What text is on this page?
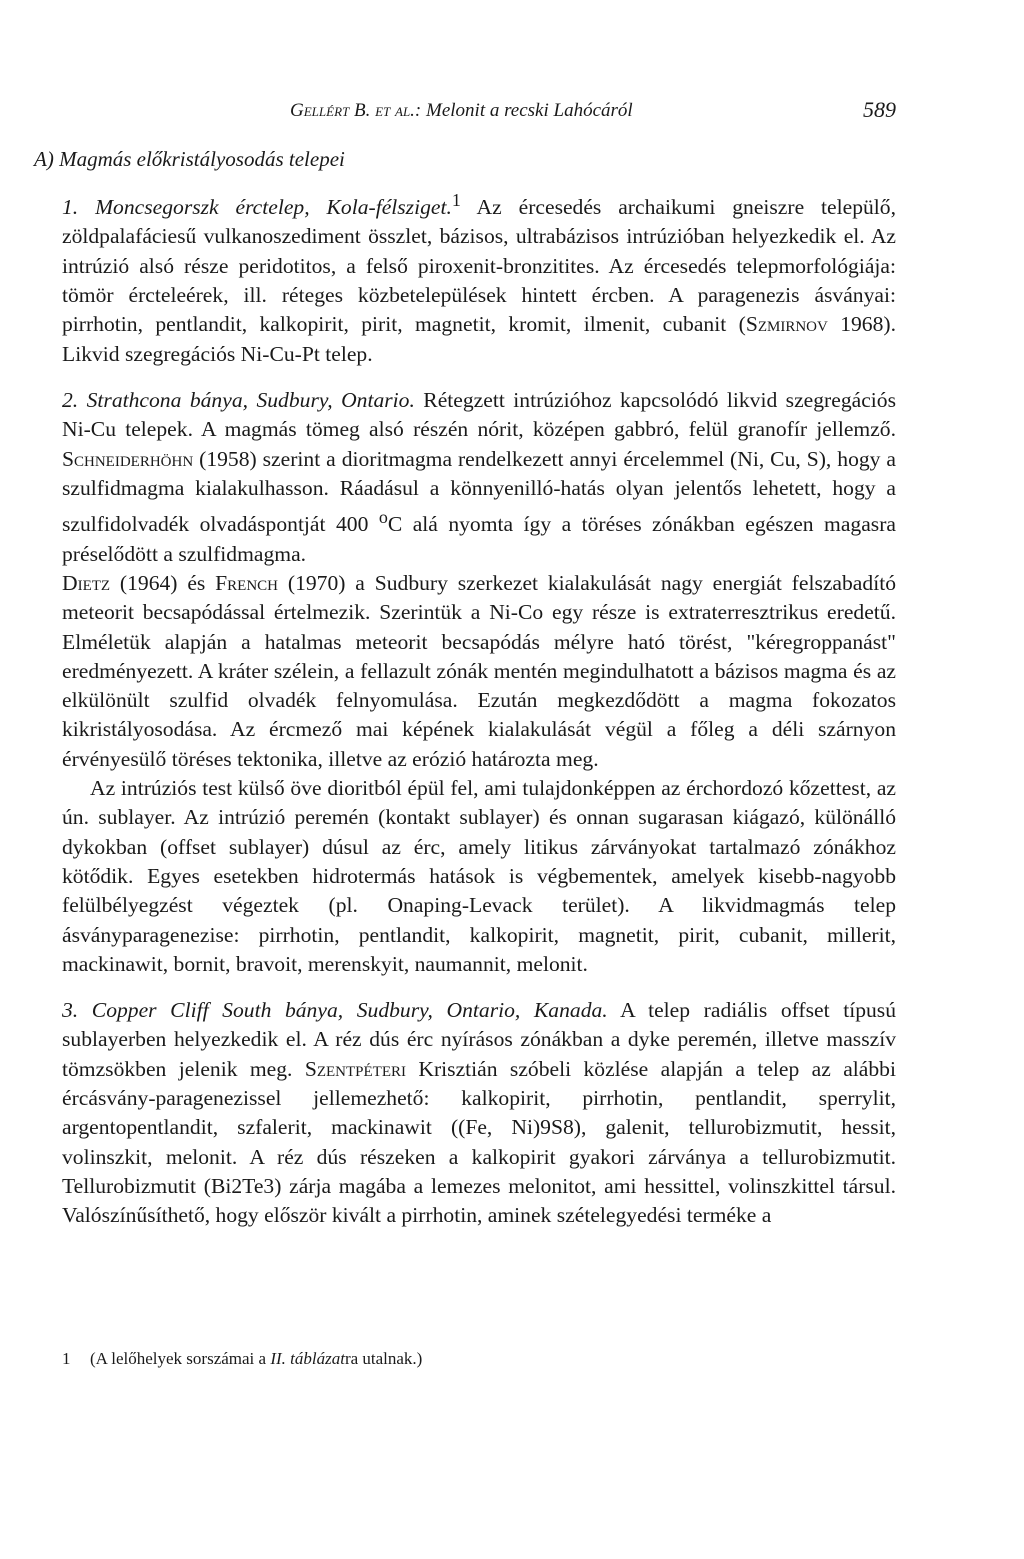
Gellért B. et al.: Melonit a recski Lahócáról	589
A) Magmás előkristályosodás telepei

1. Moncsegorszk érctelep, Kola-félsziget.$^1$ Az ércesedés archaikumi gneiszre települő, zöldpalafáciesű vulkanoszediment összlet, bázisos, ultrabázisos intrúzióban helyezkedik el. Az intrúzió alsó része peridotitos, a felső piroxenit-bronzitites. Az ércesedés telepmorfológiája: tömör ércteleérek, ill. réteges közbetelepülések hintett ércben. A paragenezis ásványai: pirrhotin, pentlandit, kalkopirit, pirit, magnetit, kromit, ilmenit, cubanit (Szmirnov 1968). Likvid szegregációs Ni-Cu-Pt telep.

2. Strathcona bánya, Sudbury, Ontario. Rétegzett intrúzióhoz kapcsolódó likvid szegregációs Ni-Cu telepek. A magmás tömeg alsó részén nórit, középen gabbró, felül granofír jellemző. Schneiderhöhn (1958) szerint a dioritmagma rendelkezett annyi ércelemmel (Ni, Cu, S), hogy a szulfidmagma kialakulhasson. Ráadásul a könnyenilló-hatás olyan jelentős lehetett, hogy a szulfidolvadék olvadáspontját 400 $^o$C alá nyomta így a töréses zónákban egészen magasra préselődött a szulfidmagma.

Dietz (1964) és French (1970) a Sudbury szerkezet kialakulását nagy energiát felszabadító meteorit becsapódással értelmezik. Szerintük a Ni-Co egy része is extraterresztrikus eredetű. Elméletük alapján a hatalmas meteorit becsapódás mélyre ható törést, "kéregroppanást" eredményezett. A kráter szélein, a fellazult zónák mentén megindulhatott a bázisos magma és az elkülönült szulfid olvadék felnyomulása. Ezután megkezdődött a magma fokozatos kikristályosodása. Az ércmező mai képének kialakulását végül a főleg a déli szárnyon érvényesülő töréses tektonika, illetve az erózió határozta meg.

Az intrúziós test külső öve dioritból épül fel, ami tulajdonképpen az érchordozó kőzettest, az ún. sublayer. Az intrúzió peremén (kontakt sublayer) és onnan sugarasan kiágazó, különálló dykokban (offset sublayer) dúsul az érc, amely litikus zárványokat tartalmazó zónákhoz kötődik. Egyes esetekben hidrotermás hatások is végbementek, amelyek kisebb-nagyobb felülbélyegzést végeztek (pl. Onaping-Levack terület). A likvidmagmás telep ásványparagenezise: pirrhotin, pentlandit, kalkopirit, magnetit, pirit, cubanit, millerit, mackinawit, bornit, bravoit, merenskyit, naumannit, melonit.

3. Copper Cliff South bánya, Sudbury, Ontario, Kanada. A telep radiális offset típusú sublayerben helyezkedik el. A réz dús érc nyírásos zónákban a dyke peremén, illetve masszív tömzsökben jelenik meg. Szentpéteri Krisztián szóbeli közlése alapján a telep az alábbi ércásvány-paragenezissel jellemezhető: kalkopirit, pirrhotin, pentlandit, sperrylit, argentopentlandit, szfalerit, mackinawit ((Fe, Ni)9S8), galenit, tellurobizmutit, hessit, volinszkit, melonit. A réz dús részeken a kalkopirit gyakori zárványa a tellurobizmutit. Tellurobizmutit (Bi2Te3) zárja magába a lemezes melonitot, ami hessittel, volinszkittel társul. Valószínűsíthető, hogy először kivált a pirrhotin, aminek szételegyedési terméke a

1 (A lelőhelyek sorszámai a II. táblázatra utalnak.)
